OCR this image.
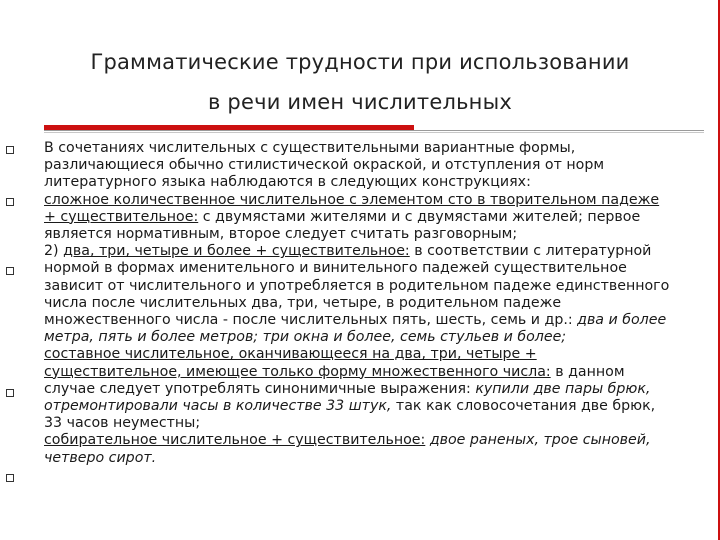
Грамматические трудности при использовании
в речи имен числительных

В сочетаниях числительных с существительными вариантные формы, различающиеся обычно стилистической окраской, и отступления от норм литературного языка наблюдаются в следующих конструкциях:

сложное количественное числительное с элементом сто в творительном падеже + существительное: с двумястами жителями и с двумястами жителей; первое является нормативным, второе следует считать разговорным;

2) два, три, четыре и более + существительное: в соответствии с литературной нормой в формах именительного и винительного падежей существительное зависит от числительного и употребляется в родительном падеже единственного числа после числительных два, три, четыре, в родительном падеже множественного числа - после числительных пять, шесть, семь и др.: два и более метра, пять и более метров; три окна и более, семь стульев и более;

составное числительное, оканчивающееся на два, три, четыре + существительное, имеющее только форму множественного числа: в данном случае следует употреблять синонимичные выражения: купили две пары брюк, отремонтировали часы в количестве 33 штук, так как словосочетания две брюк, 33 часов неуместны;

собирательное числительное + существительное: двое раненых, трое сыновей, четверо сирот.
